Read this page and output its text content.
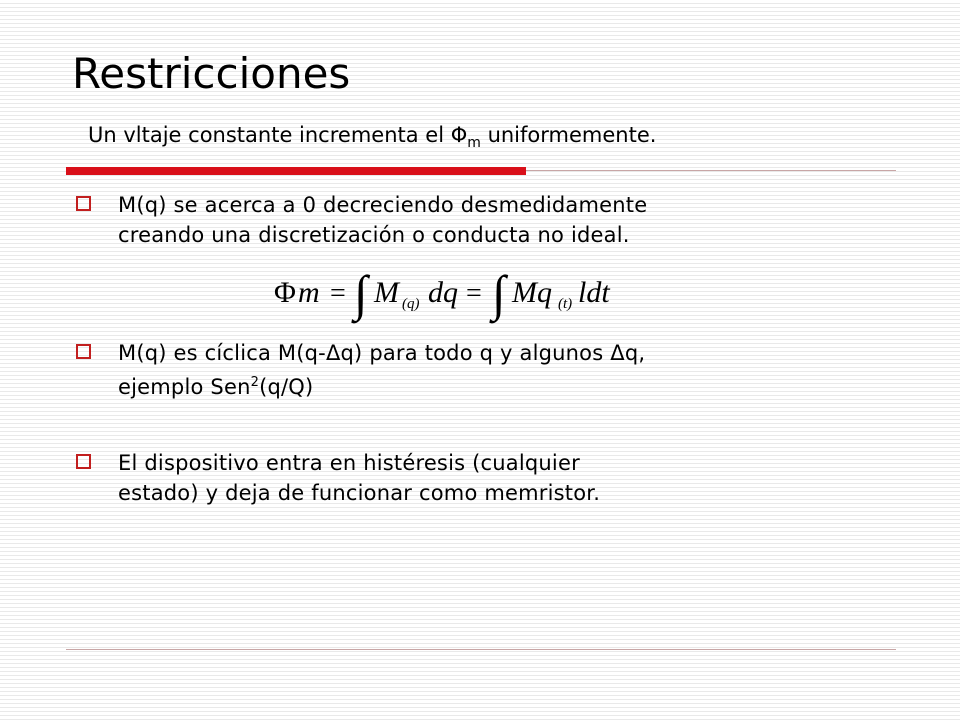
Restricciones
Un vltaje constante incrementa el $\Phi_m$ uniformemente.
M(q) se acerca a 0 decreciendo desmedidamente
creando una discretización o conducta no ideal.
Φ m = ∫ M (q) dq = ∫ Mq (t) ldt
M(q) es cíclica M(q-Δq) para todo q y algunos Δq,
ejemplo Sen$^2$(q/Q)
El dispositivo entra en histéresis (cualquier
estado) y deja de funcionar como memristor.
